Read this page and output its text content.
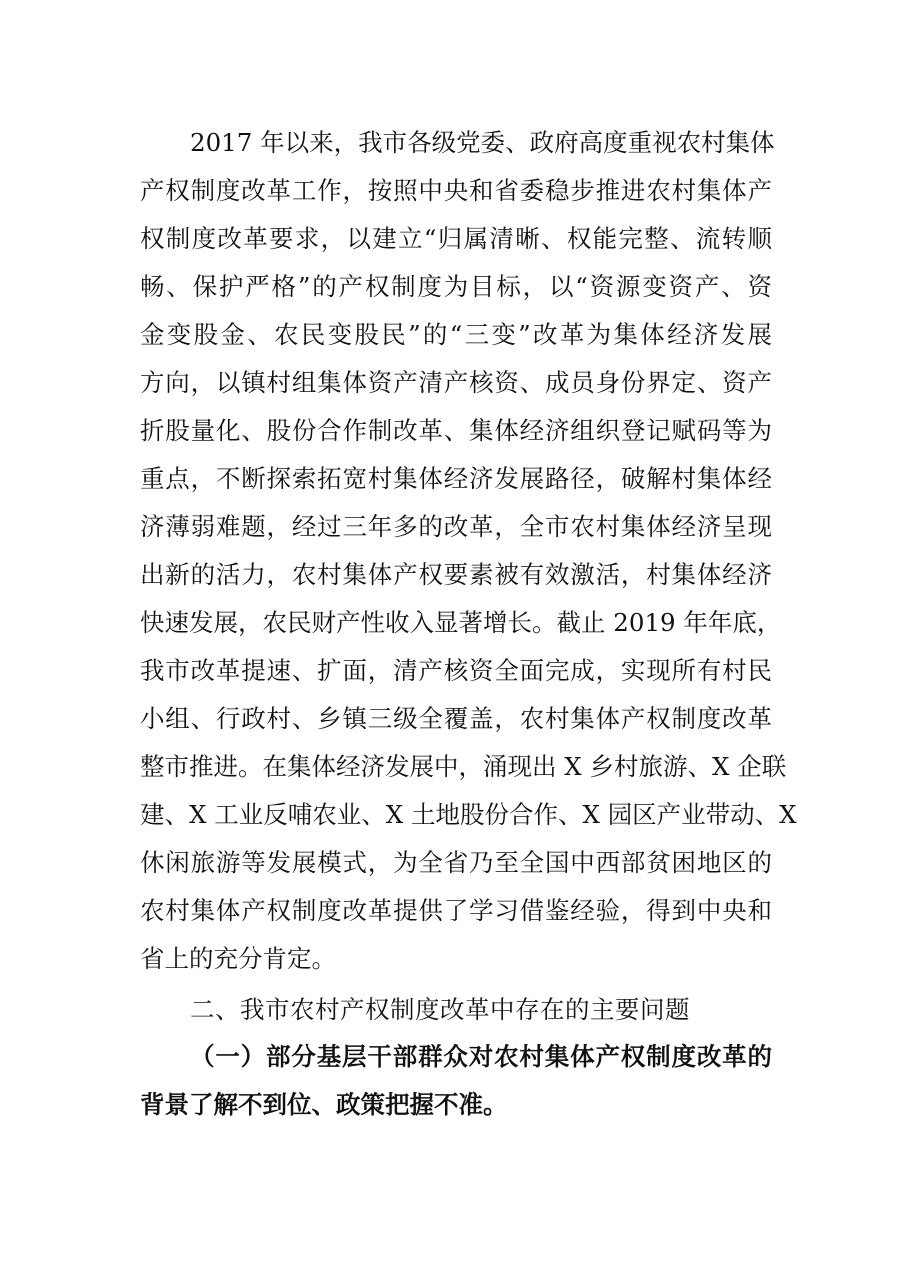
2017 年以来，我市各级党委、政府高度重视农村集体
产权制度改革工作，按照中央和省委稳步推进农村集体产
权制度改革要求，以建立“归属清晰、权能完整、流转顺
畅、保护严格”的产权制度为目标，以“资源变资产、资
金变股金、农民变股民”的“三变”改革为集体经济发展
方向，以镇村组集体资产清产核资、成员身份界定、资产
折股量化、股份合作制改革、集体经济组织登记赋码等为
重点，不断探索拓宽村集体经济发展路径，破解村集体经
济薄弱难题，经过三年多的改革，全市农村集体经济呈现
出新的活力，农村集体产权要素被有效激活，村集体经济
快速发展，农民财产性收入显著增长。截止 2019 年年底，
我市改革提速、扩面，清产核资全面完成，实现所有村民
小组、行政村、乡镇三级全覆盖，农村集体产权制度改革
整市推进。在集体经济发展中，涌现出 X 乡村旅游、X 企联
建、X 工业反哺农业、X 土地股份合作、X 园区产业带动、X
休闲旅游等发展模式，为全省乃至全国中西部贫困地区的
农村集体产权制度改革提供了学习借鉴经验，得到中央和
省上的充分肯定。
二、我市农村产权制度改革中存在的主要问题
（一）部分基层干部群众对农村集体产权制度改革的
背景了解不到位、政策把握不准。
